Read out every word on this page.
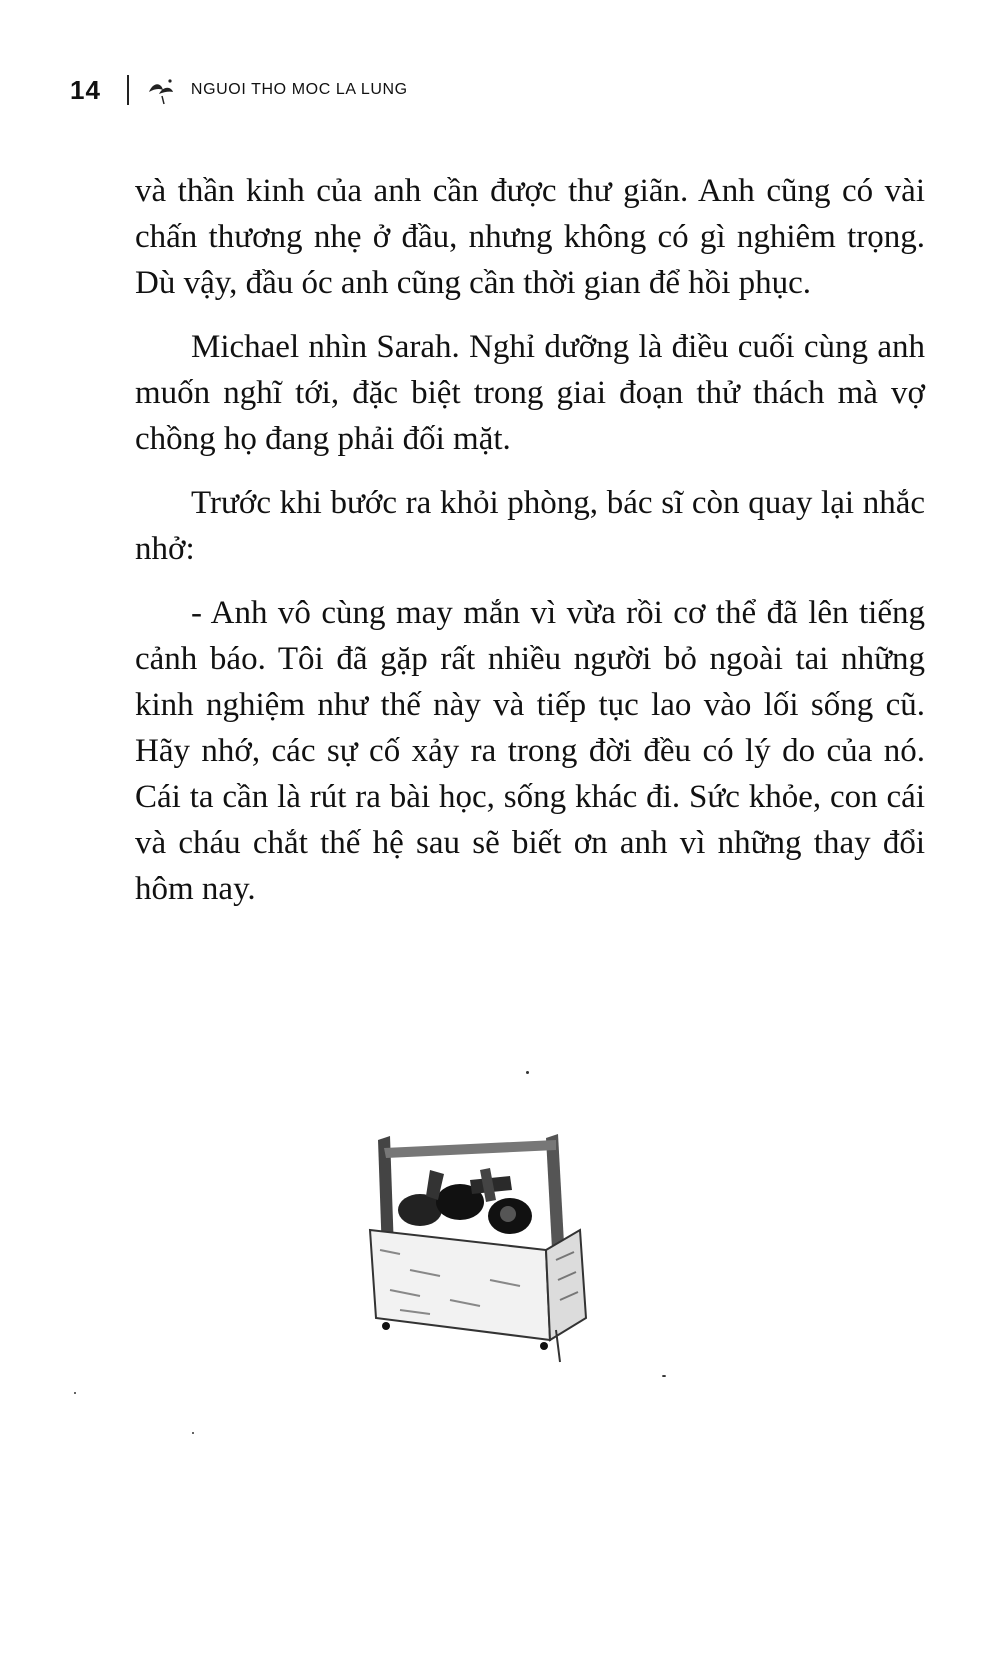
14	NGUOI THO MOC LA LUNG

và thần kinh của anh cần được thư giãn. Anh cũng có vài chấn thương nhẹ ở đầu, nhưng không có gì nghiêm trọng. Dù vậy, đầu óc anh cũng cần thời gian để hồi phục.

Michael nhìn Sarah. Nghỉ dưỡng là điều cuối cùng anh muốn nghĩ tới, đặc biệt trong giai đoạn thử thách mà vợ chồng họ đang phải đối mặt.

Trước khi bước ra khỏi phòng, bác sĩ còn quay lại nhắc nhở:

- Anh vô cùng may mắn vì vừa rồi cơ thể đã lên tiếng cảnh báo. Tôi đã gặp rất nhiều người bỏ ngoài tai những kinh nghiệm như thế này và tiếp tục lao vào lối sống cũ. Hãy nhớ, các sự cố xảy ra trong đời đều có lý do của nó. Cái ta cần là rút ra bài học, sống khác đi. Sức khỏe, con cái và cháu chắt thế hệ sau sẽ biết ơn anh vì những thay đổi hôm nay.
